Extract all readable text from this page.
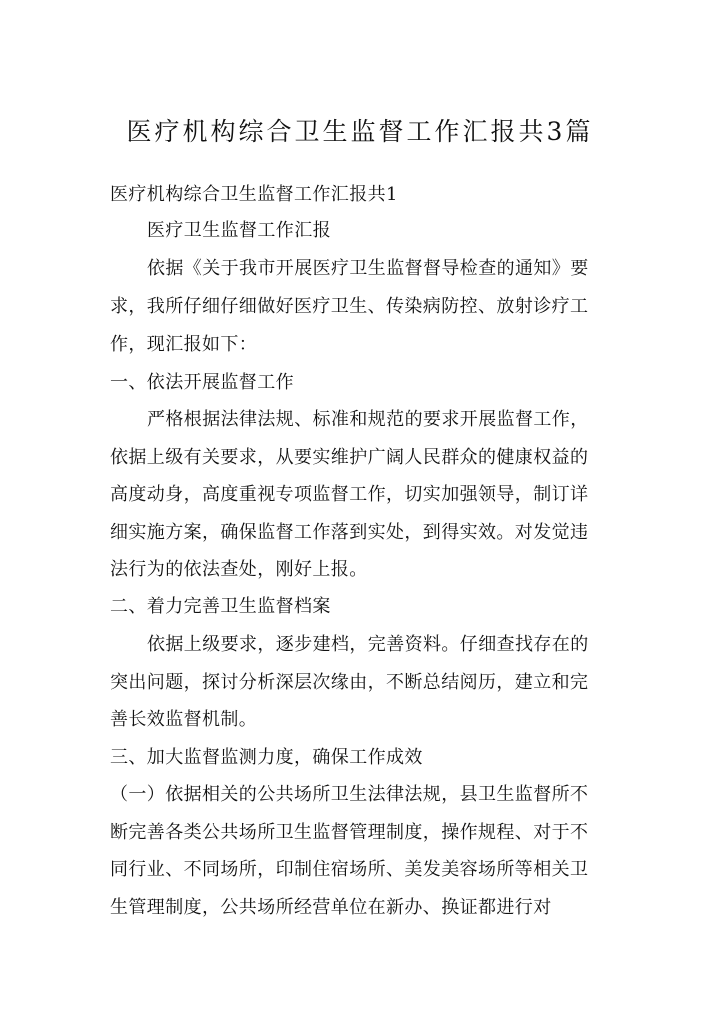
医疗机构综合卫生监督工作汇报共3篇
医疗机构综合卫生监督工作汇报共1
医疗卫生监督工作汇报
依据《关于我市开展医疗卫生监督督导检查的通知》要
求，我所仔细仔细做好医疗卫生、传染病防控、放射诊疗工
作，现汇报如下：
一、依法开展监督工作
严格根据法律法规、标准和规范的要求开展监督工作，
依据上级有关要求，从要实维护广阔人民群众的健康权益的
高度动身，高度重视专项监督工作，切实加强领导，制订详
细实施方案，确保监督工作落到实处，到得实效。对发觉违
法行为的依法查处，刚好上报。
二、着力完善卫生监督档案
依据上级要求，逐步建档，完善资料。仔细查找存在的
突出问题，探讨分析深层次缘由，不断总结阅历，建立和完
善长效监督机制。
三、加大监督监测力度，确保工作成效
（一）依据相关的公共场所卫生法律法规，县卫生监督所不
断完善各类公共场所卫生监督管理制度，操作规程、对于不
同行业、不同场所，印制住宿场所、美发美容场所等相关卫
生管理制度，公共场所经营单位在新办、换证都进行对
